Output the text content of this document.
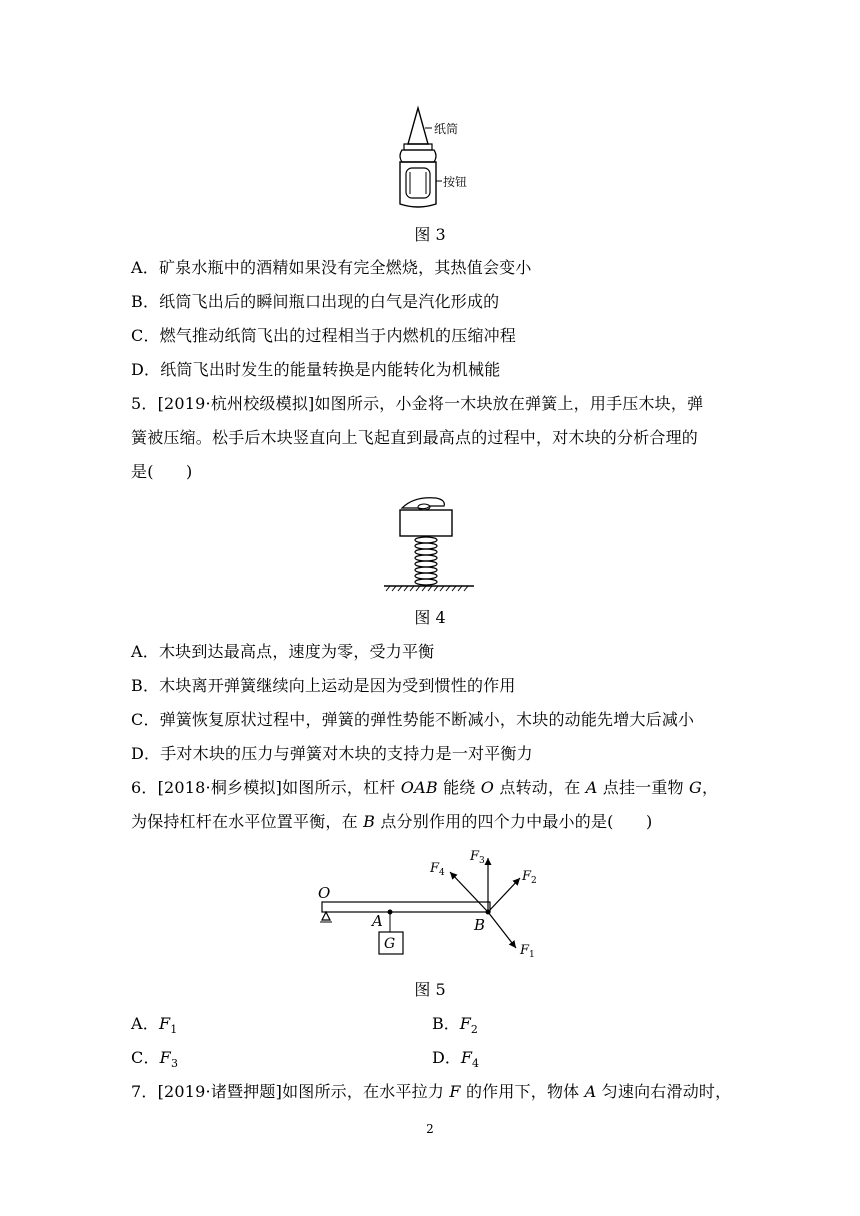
纸筒
按钮
图 3
A．矿泉水瓶中的酒精如果没有完全燃烧，其热值会变小
B．纸筒飞出后的瞬间瓶口出现的白气是汽化形成的
C．燃气推动纸筒飞出的过程相当于内燃机的压缩冲程
D．纸筒飞出时发生的能量转换是内能转化为机械能
5．[2019·杭州校级模拟]如图所示，小金将一木块放在弹簧上，用手压木块，弹
簧被压缩。松手后木块竖直向上飞起直到最高点的过程中，对木块的分析合理的
是(　　)
图 4
A．木块到达最高点，速度为零，受力平衡
B．木块离开弹簧继续向上运动是因为受到惯性的作用
C．弹簧恢复原状过程中，弹簧的弹性势能不断减小，木块的动能先增大后减小
D．手对木块的压力与弹簧对木块的支持力是一对平衡力
6．[2018·桐乡模拟]如图所示，杠杆 OAB 能绕 O 点转动，在 A 点挂一重物 G，
为保持杠杆在水平位置平衡，在 B 点分别作用的四个力中最小的是(　　)
O
A
G
B
$F_3$
$F_4$	$F_2$
$F_1$
图 5
A．$F_1$	B．$F_2$
C．$F_3$	D．$F_4$
7．[2019·诸暨押题]如图所示，在水平拉力 F 的作用下，物体 A 匀速向右滑动时，
2
